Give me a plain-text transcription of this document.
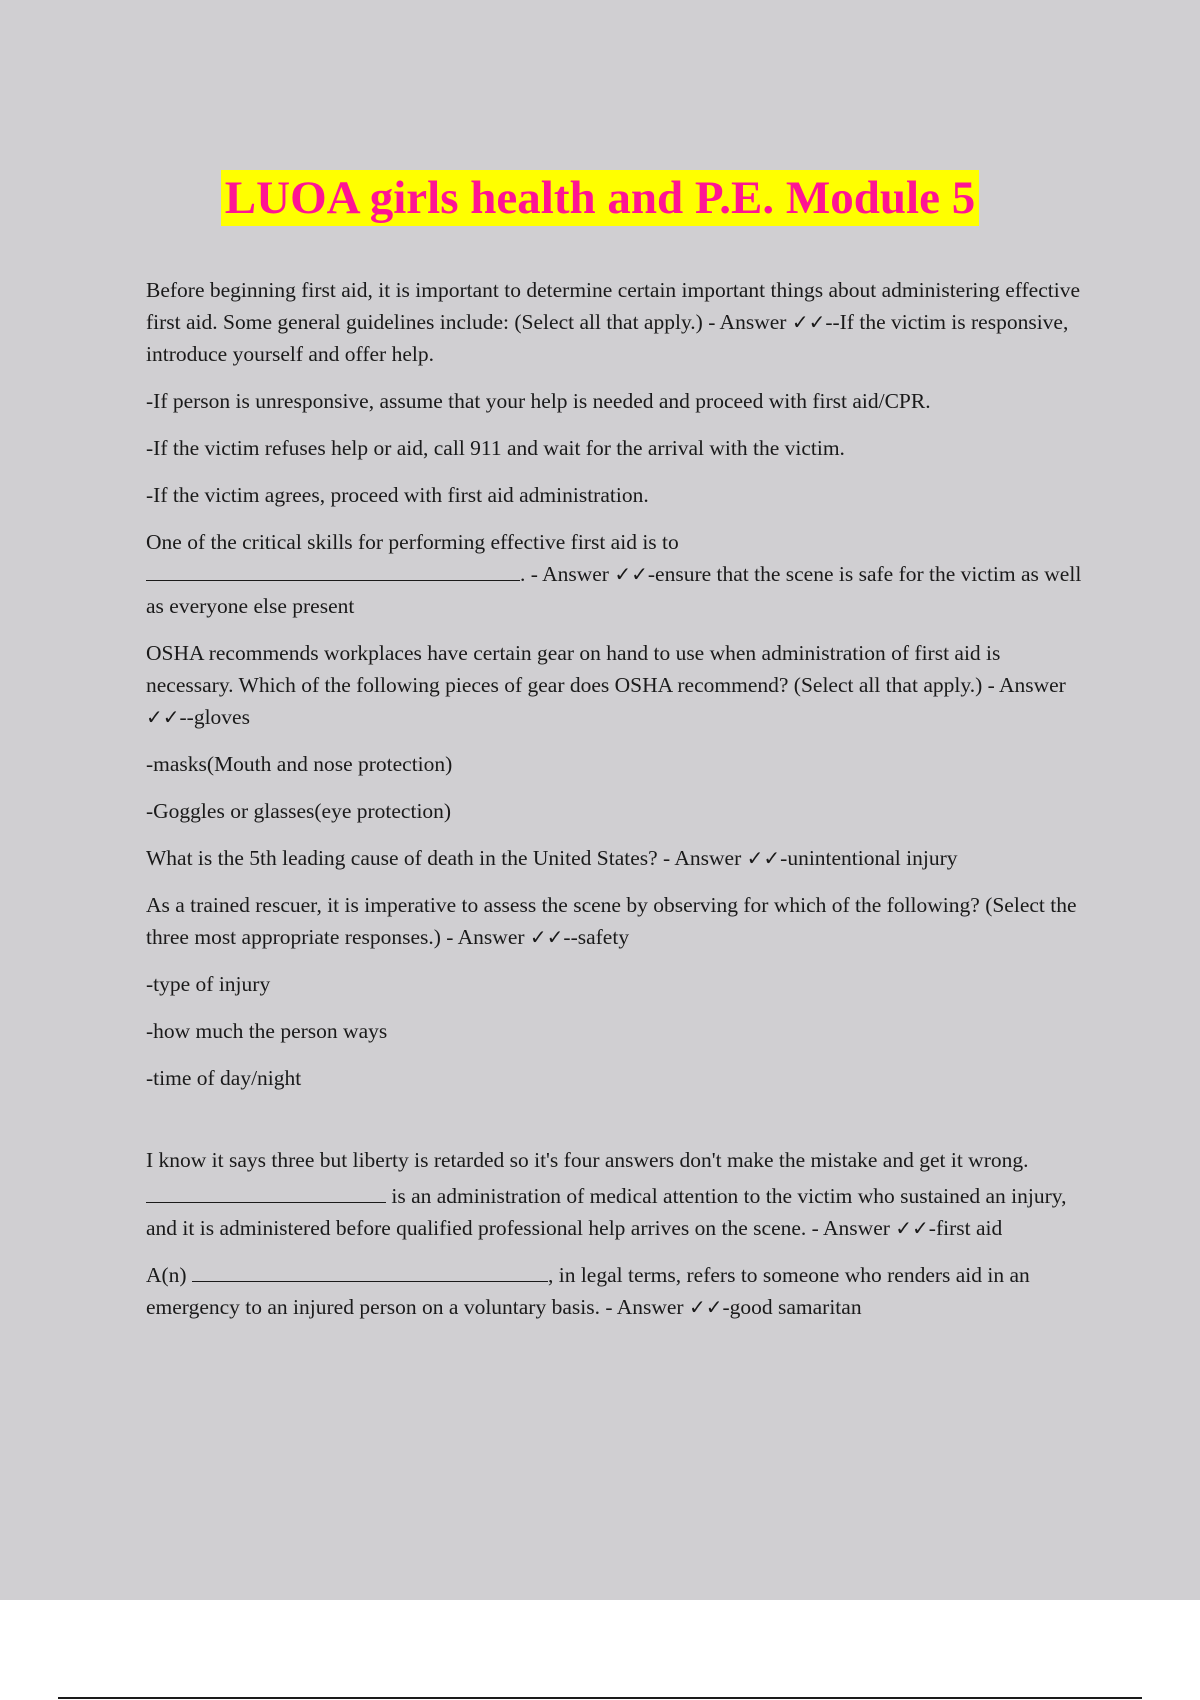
LUOA girls health and P.E. Module 5

Before beginning first aid, it is important to determine certain important things about administering effective first aid. Some general guidelines include: (Select all that apply.) - Answer ✓✓--If the victim is responsive, introduce yourself and offer help.

-If person is unresponsive, assume that your help is needed and proceed with first aid/CPR.

-If the victim refuses help or aid, call 911 and wait for the arrival with the victim.

-If the victim agrees, proceed with first aid administration.

One of the critical skills for performing effective first aid is to
. - Answer ✓✓-ensure that the scene is safe for the victim as well as everyone else present

OSHA recommends workplaces have certain gear on hand to use when administration of first aid is necessary. Which of the following pieces of gear does OSHA recommend? (Select all that apply.) - Answer ✓✓--gloves

-masks(Mouth and nose protection)

-Goggles or glasses(eye protection)

What is the 5th leading cause of death in the United States? - Answer ✓✓-unintentional injury

As a trained rescuer, it is imperative to assess the scene by observing for which of the following? (Select the three most appropriate responses.) - Answer ✓✓--safety

-type of injury

-how much the person ways

-time of day/night

I know it says three but liberty is retarded so it's four answers don't make the mistake and get it wrong.

is an administration of medical attention to the victim who sustained an injury, and it is administered before qualified professional help arrives on the scene. - Answer ✓✓-first aid

A(n)	, in legal terms, refers to someone who renders aid in an emergency to an injured person on a voluntary basis. - Answer ✓✓-good samaritan
